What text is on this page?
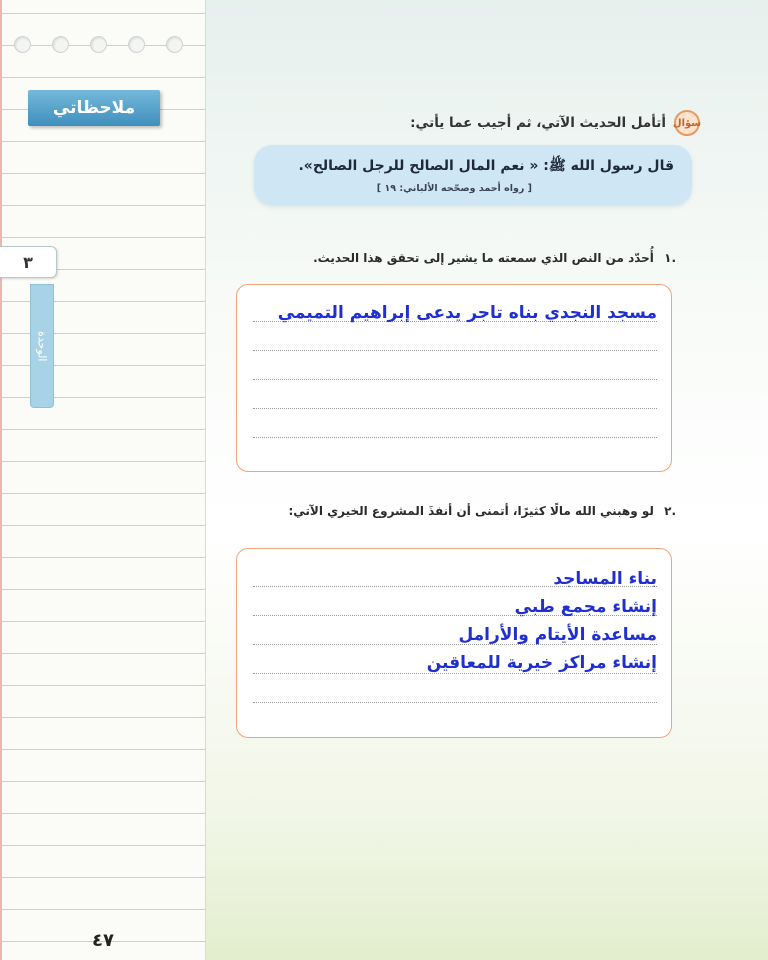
ملاحظاتي
٣
الوحدة
٤٧
سؤال
أتأمل الحديث الآتي، ثم أجيب عما يأتي:
قال رسول الله ﷺ: « نعم المال الصالح للرجل الصالح».
[ رواه أحمد وصحّحه الألباني: ١٩ ]
.١ أُحدّد من النص الذي سمعته ما يشير إلى تحقق هذا الحديث.
مسجد النجدي بناه تاجر يدعى إبراهيم التميمي
.٢ لو وهبني الله مالًا كثيرًا، أتمنى أن أنفذَ المشروع الخيري الآتي:
بناء المساجد
إنشاء مجمع طبي
مساعدة الأيتام والأرامل
إنشاء مراكز خيرية للمعاقين
